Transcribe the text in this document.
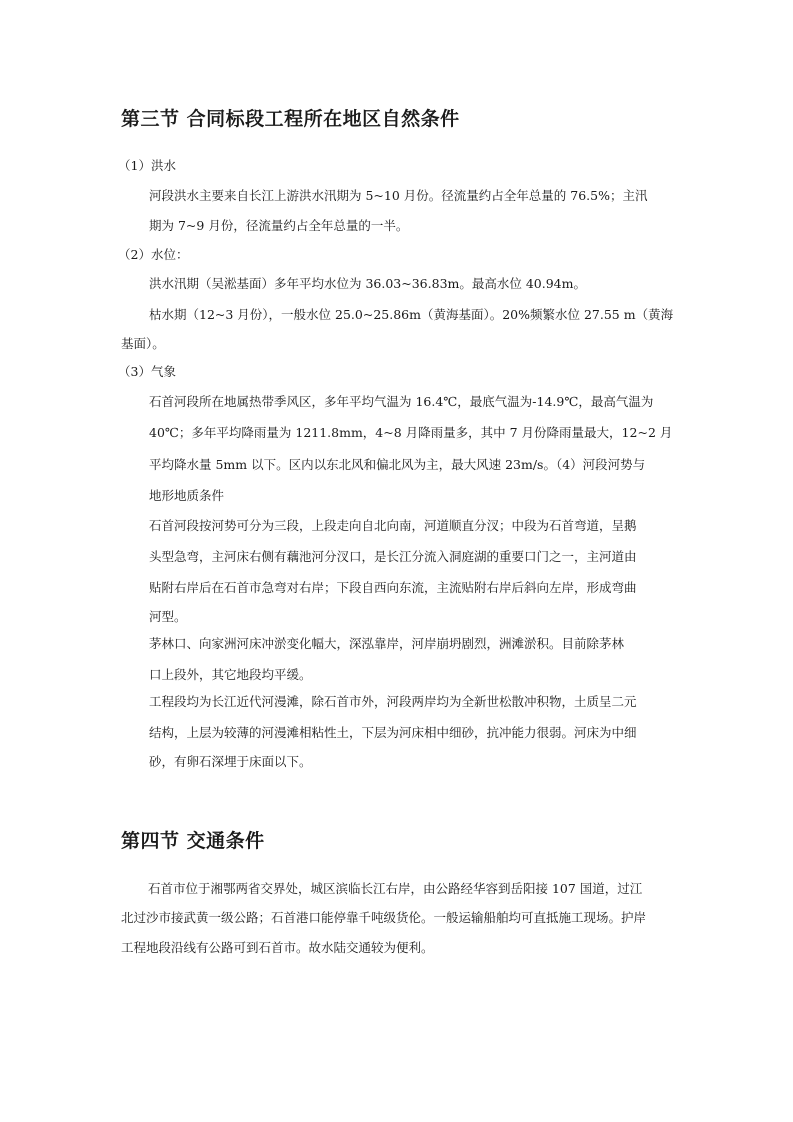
第三节 合同标段工程所在地区自然条件
（1）洪水
河段洪水主要来自长江上游洪水汛期为 5~10 月份。径流量约占全年总量的 76.5%；主汛
期为 7~9 月份，径流量约占全年总量的一半。
（2）水位：
洪水汛期（吴淞基面）多年平均水位为 36.03~36.83m。最高水位 40.94m。
枯水期（12~3 月份），一般水位 25.0~25.86m（黄海基面）。20%频繁水位 27.55 m（黄海
基面）。
（3）气象
石首河段所在地属热带季风区，多年平均气温为 16.4℃，最底气温为-14.9℃，最高气温为
40℃；多年平均降雨量为 1211.8mm，4~8 月降雨量多，其中 7 月份降雨量最大，12~2 月
平均降水量 5mm 以下。区内以东北风和偏北风为主，最大风速 23m/s。（4）河段河势与
地形地质条件
石首河段按河势可分为三段，上段走向自北向南，河道顺直分汊；中段为石首弯道，呈鹅
头型急弯，主河床右侧有藕池河分汊口，是长江分流入洞庭湖的重要口门之一，主河道由
贴附右岸后在石首市急弯对右岸；下段自西向东流，主流贴附右岸后斜向左岸，形成弯曲
河型。
茅林口、向家洲河床冲淤变化幅大，深泓靠岸，河岸崩坍剧烈，洲滩淤积。目前除茅林
口上段外，其它地段均平缓。
工程段均为长江近代河漫滩，除石首市外，河段两岸均为全新世松散冲积物，土质呈二元
结构，上层为较薄的河漫滩相粘性土，下层为河床相中细砂，抗冲能力很弱。河床为中细
砂，有卵石深埋于床面以下。
第四节 交通条件
石首市位于湘鄂两省交界处，城区滨临长江右岸，由公路经华容到岳阳接 107 国道，过江
北过沙市接武黄一级公路；石首港口能停靠千吨级货伦。一般运输船舶均可直抵施工现场。护岸
工程地段沿线有公路可到石首市。故水陆交通较为便利。
